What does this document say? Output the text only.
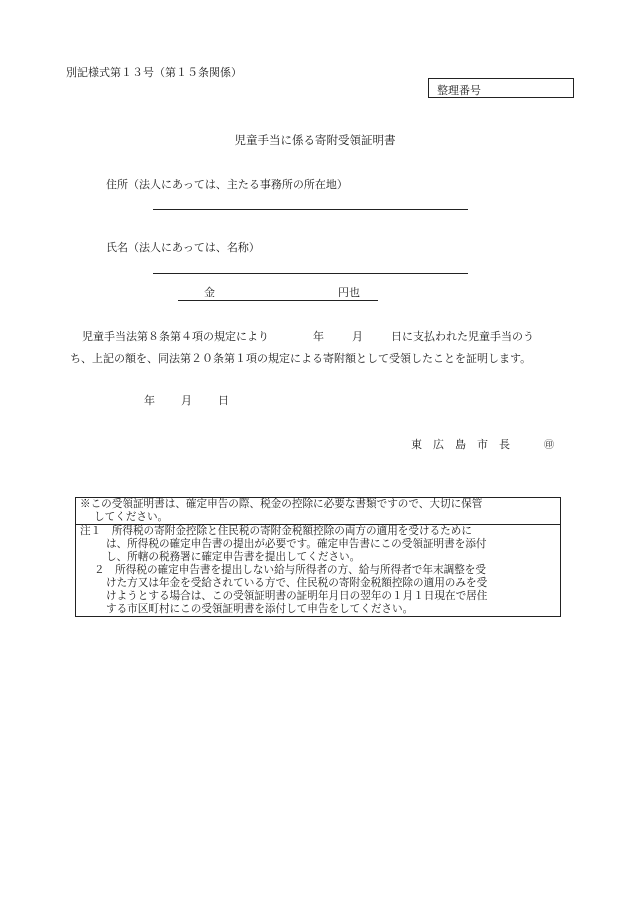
別記様式第１３号（第１５条関係）
整理番号
児童手当に係る寄附受領証明書
住所（法人にあっては、主たる事務所の所在地）
氏名（法人にあっては、名称）
金	円也
児童手当法第８条第４項の規定により	年	月	日に支払われた児童手当のう
ち、上記の額を、同法第２０条第１項の規定による寄附額として受領したことを証明します。
年 月 日
東広島市長 ㊞
※この受領証明書は、確定申告の際、税金の控除に必要な書類ですので、大切に保管
してください。
注１　所得税の寄附金控除と住民税の寄附金税額控除の両方の適用を受けるために
は、所得税の確定申告書の提出が必要です。確定申告書にこの受領証明書を添付
し、所轄の税務署に確定申告書を提出してください。
２　所得税の確定申告書を提出しない給与所得者の方、給与所得者で年末調整を受
けた方又は年金を受給されている方で、住民税の寄附金税額控除の適用のみを受
けようとする場合は、この受領証明書の証明年月日の翌年の１月１日現在で居住
する市区町村にこの受領証明書を添付して申告をしてください。
